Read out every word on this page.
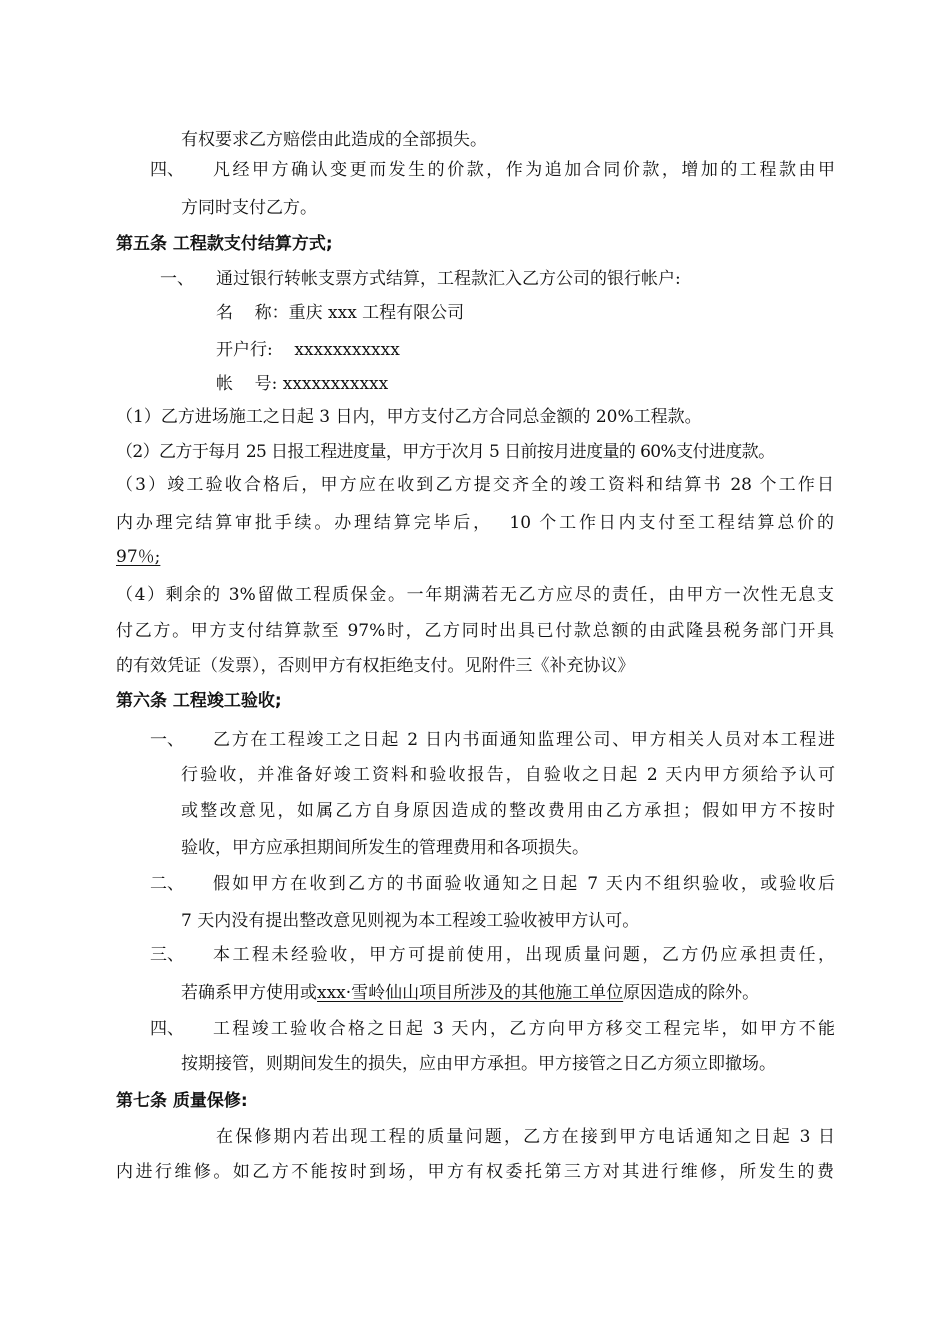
有权要求乙方赔偿由此造成的全部损失。
四、 凡经甲方确认变更而发生的价款，作为追加合同价款，增加的工程款由甲
方同时支付乙方。
第五条 工程款支付结算方式;
一、 通过银行转帐支票方式结算，工程款汇入乙方公司的银行帐户:
名    称：重庆 xxx 工程有限公司
开户行:    xxxxxxxxxxx
帐    号: xxxxxxxxxxx
（1）乙方进场施工之日起 3 日内，甲方支付乙方合同总金额的 20%工程款。
（2）乙方于每月 25 日报工程进度量，甲方于次月 5 日前按月进度量的 60%支付进度款。
（3）竣工验收合格后，甲方应在收到乙方提交齐全的竣工资料和结算书 28 个工作日
内办理完结算审批手续。办理结算完毕后，  10 个工作日内支付至工程结算总价的
97％;
（4）剩余的 3%留做工程质保金。一年期满若无乙方应尽的责任，由甲方一次性无息支
付乙方。甲方支付结算款至 97%时，乙方同时出具已付款总额的由武隆县税务部门开具
的有效凭证（发票），否则甲方有权拒绝支付。见附件三《补充协议》
第六条 工程竣工验收;
一、 乙方在工程竣工之日起 2 日内书面通知监理公司、甲方相关人员对本工程进
行验收，并准备好竣工资料和验收报告，自验收之日起 2 天内甲方须给予认可
或整改意见，如属乙方自身原因造成的整改费用由乙方承担；假如甲方不按时
验收，甲方应承担期间所发生的管理费用和各项损失。
二、 假如甲方在收到乙方的书面验收通知之日起 7 天内不组织验收，或验收后
7 天内没有提出整改意见则视为本工程竣工验收被甲方认可。
三、 本工程未经验收，甲方可提前使用，出现质量问题，乙方仍应承担责任，
若确系甲方使用或xxx·雪岭仙山项目所涉及的其他施工单位原因造成的除外。
四、 工程竣工验收合格之日起 3 天内，乙方向甲方移交工程完毕，如甲方不能
按期接管，则期间发生的损失，应由甲方承担。甲方接管之日乙方须立即撤场。
第七条 质量保修:
在保修期内若出现工程的质量问题，乙方在接到甲方电话通知之日起 3 日
内进行维修。如乙方不能按时到场，甲方有权委托第三方对其进行维修，所发生的费
